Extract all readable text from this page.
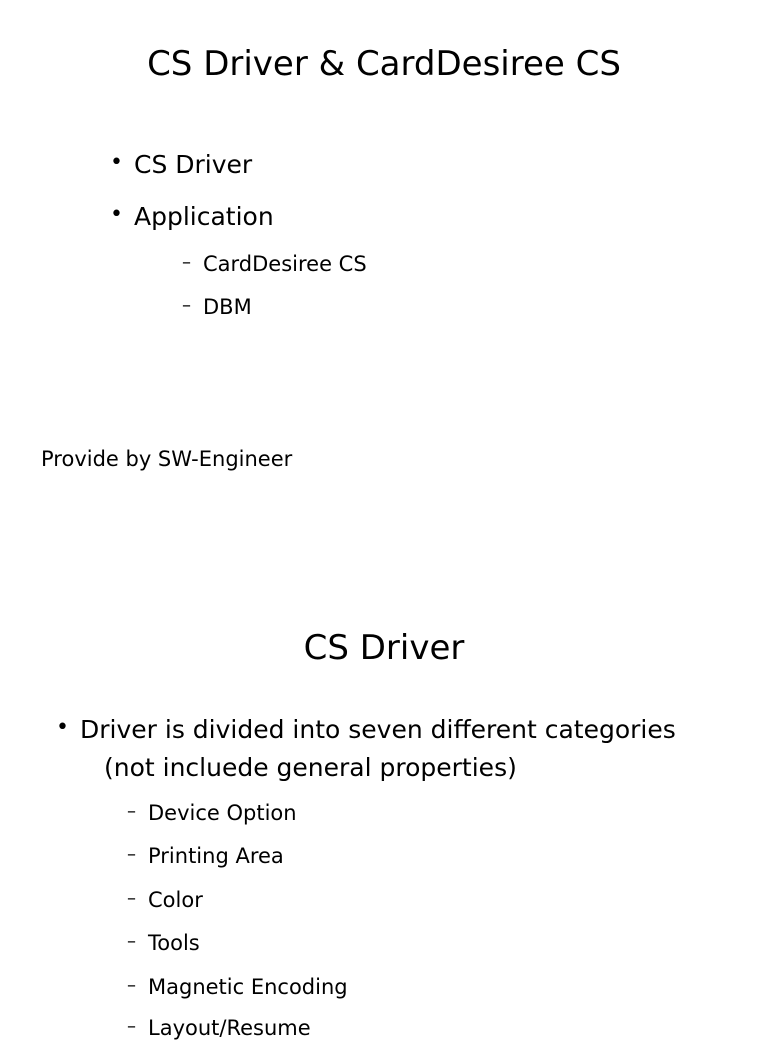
CS Driver & CardDesiree CS
• CS Driver
• Application
– CardDesiree CS
– DBM
Provide by SW-Engineer
CS Driver
• Driver is divided into seven different categories
(not incluede general properties)
– Device Option
– Printing Area
– Color
– Tools
– Magnetic Encoding
– Layout/Resume
